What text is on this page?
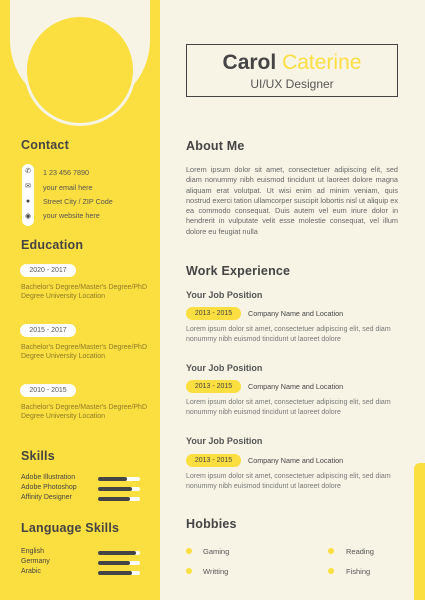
Contact
✆
✉
●
◉
1 23 456 7890
your email here
Street City / ZIP Code
your website here
Education
2020 - 2017
Bachelor's Degree/Master's Degree/PhD Degree University Location
2015 - 2017
Bachelor's Degree/Master's Degree/PhD Degree University Location
2010 - 2015
Bachelor's Degree/Master's Degree/PhD Degree University Location
Skills
Adobe Illustration
Adobe Photoshop
Affinity Designer
Language Skills
English
Germany
Arabic
Carol Caterine
UI/UX Designer
About Me
Lorem ipsum dolor sit amet, consectetuer adipiscing elit, sed diam nonummy nibh euismod tincidunt ut laoreet dolore magna aliquam erat volutpat. Ut wisi enim ad minim veniam, quis nostrud exerci tation ullamcorper suscipit lobortis nisl ut aliquip ex ea commodo consequat. Duis autem vel eum iriure dolor in hendrerit in vulputate velit esse molestie consequat, vel illum dolore eu feugiat nulla
Work Experience
Your Job Position
2013 - 2015	Company Name and Location
Lorem ipsum dolor sit amet, consectetuer adipiscing elit, sed diam nonummy nibh euismod tincidunt ut laoreet dolore
Your Job Position
2013 - 2015	Company Name and Location
Lorem ipsum dolor sit amet, consectetuer adipiscing elit, sed diam nonummy nibh euismod tincidunt ut laoreet dolore
Your Job Position
2013 - 2015	Company Name and Location
Lorem ipsum dolor sit amet, consectetuer adipiscing elit, sed diam nonummy nibh euismod tincidunt ut laoreet dolore
Hobbies
Gaming	Reading
Writting	Fishing
